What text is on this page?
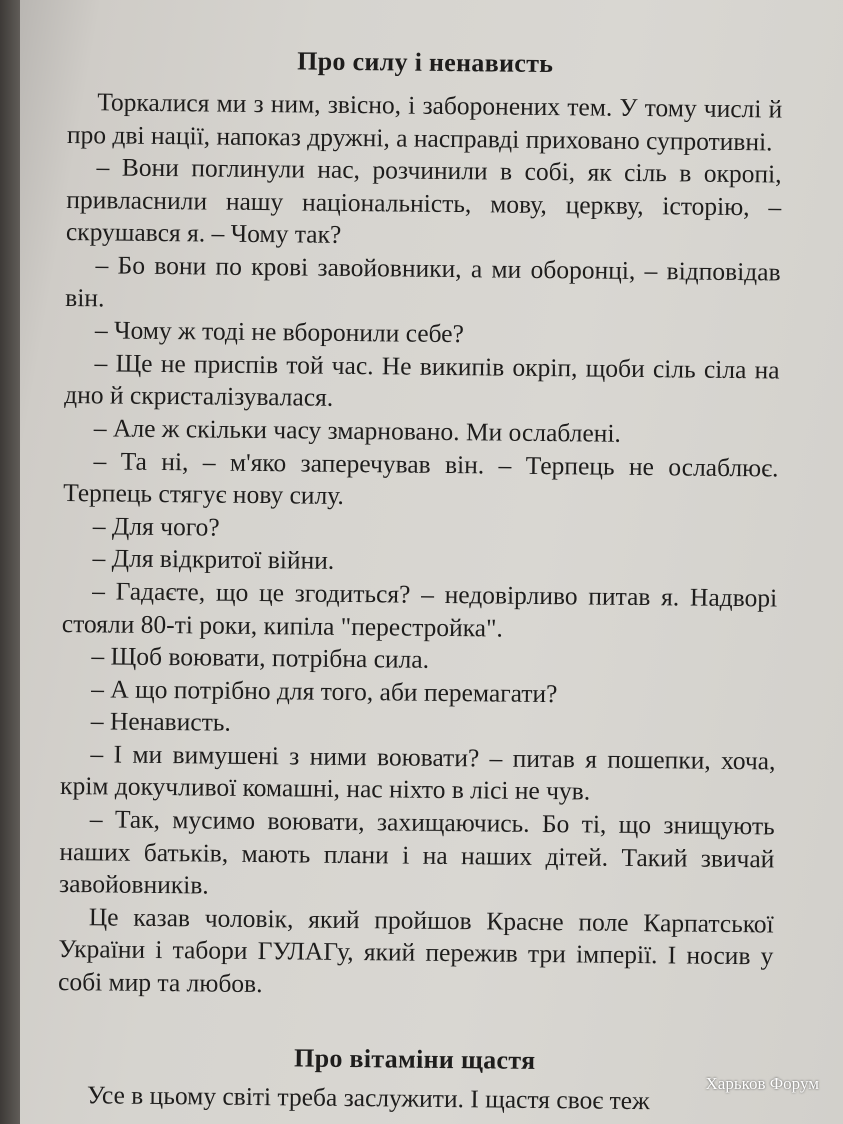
Про силу і ненависть

Торкалися ми з ним, звісно, і заборонених тем. У тому числі й про дві нації, напоказ дружні, а насправді приховано супротивні.

– Вони поглинули нас, розчинили в собі, як сіль в окропі, привласнили нашу національність, мову, церкву, історію, – скрушався я. – Чому так?

– Бо вони по крові завойовники, а ми оборонці, – відповідав він.

– Чому ж тоді не вборонили себе?

– Ще не приспів той час. Не википів окріп, щоби сіль сіла на дно й скристалізувалася.

– Але ж скільки часу змарновано. Ми ослаблені.

– Та ні, – м'яко заперечував він. – Терпець не ослаблює. Терпець стягує нову силу.

– Для чого?

– Для відкритої війни.

– Гадаєте, що це згодиться? – недовірливо питав я. Надворі стояли 80-ті роки, кипіла "перестройка".

– Щоб воювати, потрібна сила.

– А що потрібно для того, аби перемагати?

– Ненависть.

– І ми вимушені з ними воювати? – питав я пошепки, хоча, крім докучливої комашні, нас ніхто в лісі не чув.

– Так, мусимо воювати, захищаючись. Бо ті, що знищують наших батьків, мають плани і на наших дітей. Такий звичай завойовників.

Це казав чоловік, який пройшов Красне поле Карпатської України і табори ГУЛАГу, який пережив три імперії. І носив у собі мир та любов.

Про вітаміни щастя

Усе в цьому світі треба заслужити. І щастя своє теж	Харьков Форум
